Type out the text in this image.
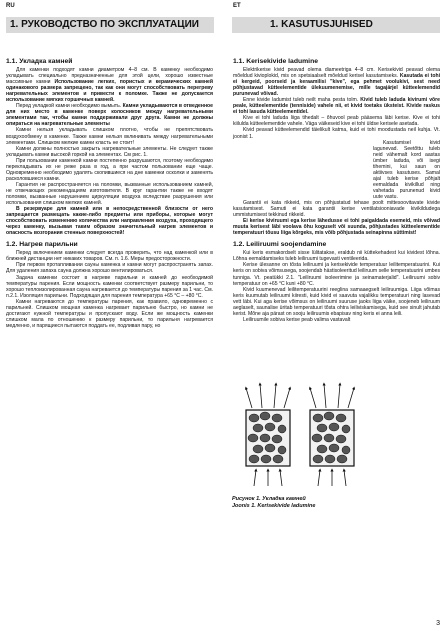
RU	ET
1. РУКОВОДСТВО ПО ЭКСПЛУАТАЦИИ	1. KASUTUSJUHISED

1.1. Укладка камней

Для каменки подходят камни диаметром 4–8 см. В каменку необходимо укладывать специально предназначенные для этой цели, хорошо известные массивные камни Использование легких, пористых и керамических камней одинакового размера запрещено, так как они могут способствовать перегреву нагревательных элементов и привести к поломке. Также не допускается использование мягких горшечных камней.

Перед укладкой камни необходимо вымыть. Камни укладываются в отведенное для них место в каменке поверх колосников между нагревательными элементами так, чтобы камни поддерживали друг друга. Камни не должны опираться на нагревательные элементы

Камни нельзя укладывать слишком плотно, чтобы не препятствовать воздухообмену в каменке. Также камни нельзя вклинивать между нагревательными элементами. Слишком мелкие камни класть не стоит!

Камни должны полностью закрыть нагревательные элементы. Не следует также укладывать камни высокой горкой на элементах. См рис. 1.

При пользовании каменкой камни постепенно разрушаются, поэтому необходимо перекладывать их не реже раза в год, а при частом пользовании еще чаще. Одновременно необходимо удалять скопившиеся на дне каменки осколки и заменять расколовшиеся камни.

Гарантия не распространяется на поломки, вызванные использованием камней, не отвечающих рекомендациям изготовителя. В круг гарантии также не входят поломки, вызванные нарушением циркуляции воздуха вследствие разрушения или использования слишком мелких камней.

В резервуаре для камней или в непосредственной близости от него запрещается размещать какие-либо предметы или приборы, которые могут способствовать изменению количества или направления воздуха, проходящего через каменку, вызывая таким образом значительный нагрев элементов и опасность возгорания стенных поверхностей!

1.2. Нагрев парильни

Перед включением каменки следует всегда проверить, что над каменкой или в ближней дистанции нет никаких товаров. См. п. 1.6. Меры предосторожности.

При первом протапливании сауны каменка и камни могут распространять запах. Для удаления запаха сауна должна хорошо вентилироваться.

Задача каменки состоит в нагреве парильни и камней до необходимой температуры парения. Если мощность каменки соответствует размеру парильни, то хорошо теплоизолированная сауна нагревается до температуры парения за 1 час. См. п.2.1. Изоляция парильни. Подходящая для парения температура +65 °C – +80 °C.

Камни нагреваются до температуры парения, как правило, одновременно с парильней. Слишком мощная каменка нагревает парильню быстро, но камни не достигают нужной температуры и пропускают воду. Если же мощность каменки слишком мала по отношению к размеру парильни, то парильня нагревается медленно, и парящиеся пытаются поддать ее, подливая пару, но

1.1. Kerisekivide ladumine

Elektrikerise kivid peavad olema diameetriga 4–8 cm. Kerisekivid peavad olema mõeldud kivioplokid, mis on spetsiaalselt mõeldud kerisel kasutamiseks. Kasutada ei tohi ei kergeid, poorseid ja keraamilisi "kive", ega pehmet voolukivi, sest need põhjustavad kütteelementide ülekuumenemise, mille tagajärjel kütteelemendid purunevad võivad.

Enne kivide ladumist tuleb neilt maha pesta tolm. Kivid tuleb laduda kivirumi võre peale, kütteelementide (tenniside) vahele nii, et kivid toetaks üksteist. Kivide raskus ei tohi lasuda kütteelementidel.

Kive ei tohi laduda liiga tihedalt – õhuvool peab pääsema läbi kerise. Kive ei tohi kiilulda kütteelementide vahele. Väga väikeseid kive ei tohi üldse kerisele asetada.

Kivid peavad kütteelemendid täielikult katma, kuid ei tohi moodustada neil kuhja. Vt. joonist 1.

Kasutamisel kivid lagunevad. Seetõttu tuleb neid vähemalt kord aastas ümber laduda, või isegi tihemini, kui saun on aktiivses kasutuses. Samal ajal tuleb kerise põhjalt eemaldada kivikillud ning vahetada purunenud kivid uute vastu.

Garantii ei kata rikkeid, mis on põhjustatud tehase poolt mittesoovitavate kivide kasutamisest. Samuti ei kata garantii kerise ventilatsiooniavade kivikildudega ummistumisest tekkinud rikkeid.

Ei kerise kiviruumi ega kerise lähedusse ei tohi paigaldada esemeid, mis võivad muuta kerisest läbi voolava õhu koguselt või suunda, põhjustades kütteelementide temperatuuri tõusu liiga kõrgeks, mis võib põhjustada seinapinna süttimist!

1.2. Leiliruumi soojendamine

Kui keris esmakordselt sisse lülitatakse, eraldub nii küttekehadest kui kividest lõhna. Lõhna eemaldamiseks tuleb leiliruumi tugevasti ventileerida.

Kerise ülesanne on tõsta leiliruumi ja kerisekivide temperatuur leilitemperatuurini. Kui keris on sobiva võimsusega, soojendab hästisoleeritud leiliruum selle temperatuurini umbes tunniga. Vt. peatükki 2.1. "Leiliruumi isoleerimine ja seinamaterjalid". Leiliruumi sobiv temperatuur on +65 °C kuni +80 °C.

Kivid kuumenevad leilitemperatuurini reeglina samaaegselt leiliruumiga. Liiga võimas keris kuumutab leiliruumi kiiresti, kuid kivid ei saavuta vajalikku temperatuuri ning lasevad vett läbi. Kui aga kerise võimsus on leiliruumi suuruse jaoks liiga väike, soojeneb leiliruum aeglaselt, saunalise üritab temperatuuri tõsta ohtra leiliviskamisega, kuid see sinult jahutab kerist. Mõne aja pärast on sooju leiliruumis ebapisav ning keris ei anna leili.

Leiliruumile sobiva kerise peab valima vastavalt

Рисунок 1. Укладка камней
Joonis 1. Kerisekivide ladumine
3
